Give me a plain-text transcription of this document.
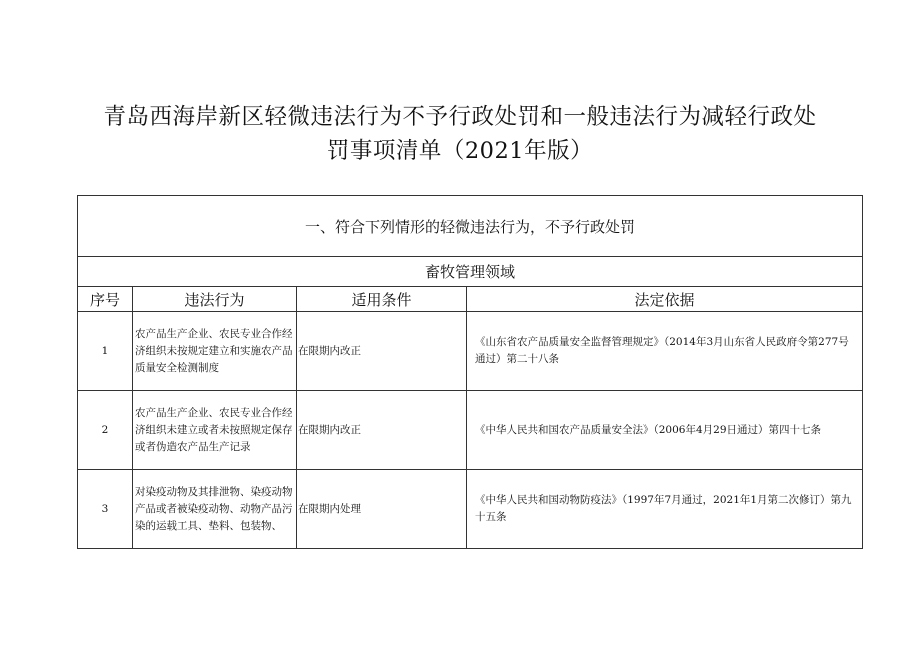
青岛西海岸新区轻微违法行为不予行政处罚和一般违法行为减轻行政处
罚事项清单（2021年版）
一、符合下列情形的轻微违法行为，不予行政处罚			
畜牧管理领域			
序号	违法行为	适用条件	法定依据
1	农产品生产企业、农民专业合作经济组织未按规定建立和实施农产品质量安全检测制度	在限期内改正	《山东省农产品质量安全监督管理规定》（2014年3月山东省人民政府令第277号通过）第二十八条
2	农产品生产企业、农民专业合作经济组织未建立或者未按照规定保存或者伪造农产品生产记录	在限期内改正	《中华人民共和国农产品质量安全法》（2006年4月29日通过）第四十七条
3	对染疫动物及其排泄物、染疫动物产品或者被染疫动物、动物产品污染的运载工具、垫料、包装物、	在限期内处理	《中华人民共和国动物防疫法》（1997年7月通过，2021年1月第二次修订）第九十五条
